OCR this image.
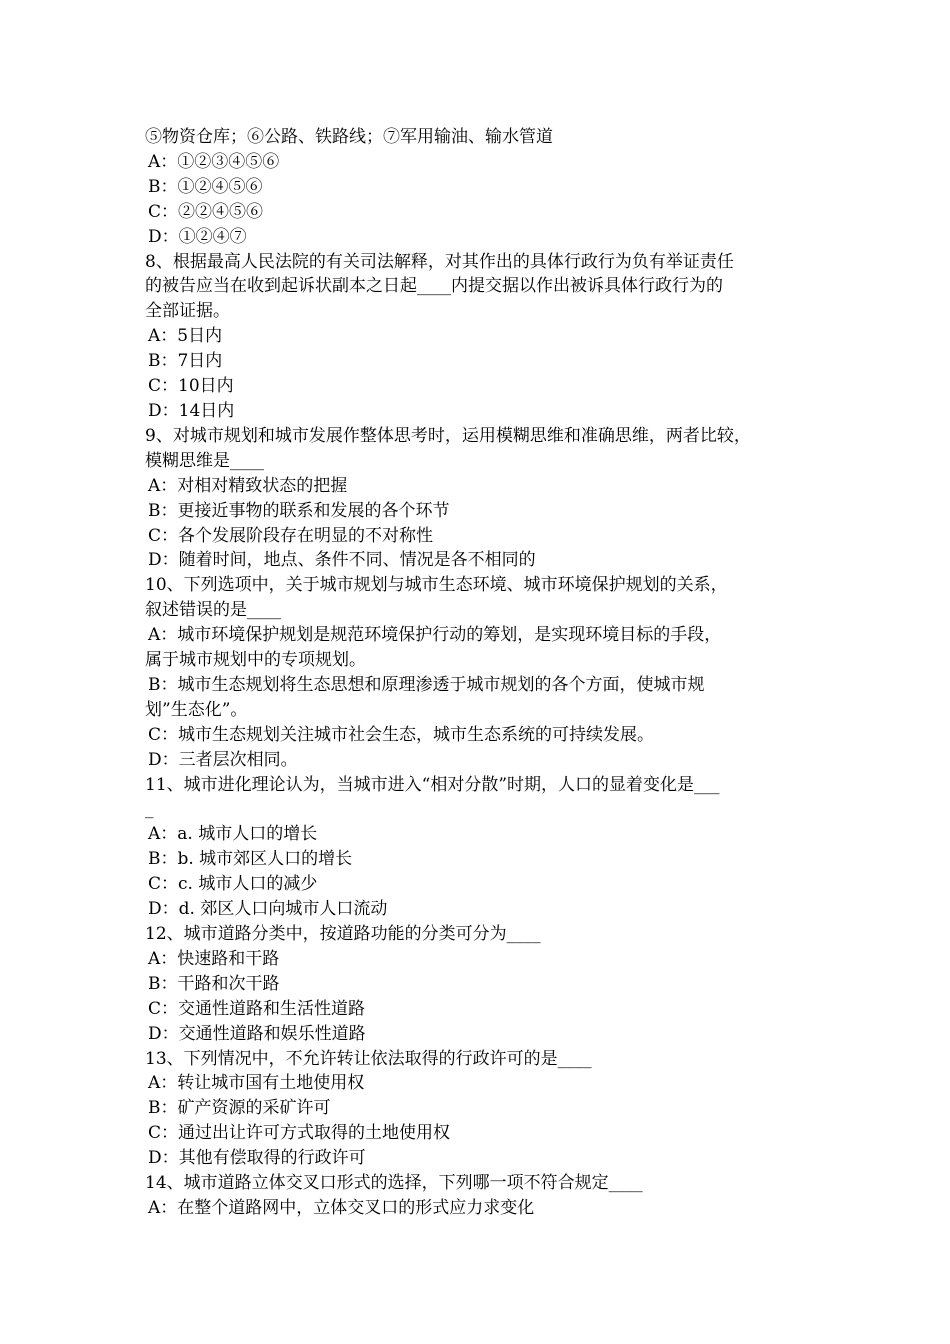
⑤物资仓库；⑥公路、铁路线；⑦军用输油、输水管道
A：①②③④⑤⑥
B：①②④⑤⑥
C：②②④⑤⑥
D：①②④⑦
8、根据最高人民法院的有关司法解释，对其作出的具体行政行为负有举证责任
的被告应当在收到起诉状副本之日起____内提交据以作出被诉具体行政行为的
全部证据。
A：5日内
B：7日内
C：10日内
D：14日内
9、对城市规划和城市发展作整体思考时，运用模糊思维和准确思维，两者比较，
模糊思维是____
A：对相对精致状态的把握
B：更接近事物的联系和发展的各个环节
C：各个发展阶段存在明显的不对称性
D：随着时间，地点、条件不同、情况是各不相同的
10、下列选项中，关于城市规划与城市生态环境、城市环境保护规划的关系，
叙述错误的是____
A：城市环境保护规划是规范环境保护行动的筹划，是实现环境目标的手段，
属于城市规划中的专项规划。
B：城市生态规划将生态思想和原理渗透于城市规划的各个方面，使城市规
划”生态化”。
C：城市生态规划关注城市社会生态，城市生态系统的可持续发展。
D：三者层次相同。
11、城市进化理论认为，当城市进入“相对分散”时期，人口的显着变化是___
_
A：a. 城市人口的增长
B：b. 城市郊区人口的增长
C：c. 城市人口的减少
D：d. 郊区人口向城市人口流动
12、城市道路分类中，按道路功能的分类可分为____
A：快速路和干路
B：干路和次干路
C：交通性道路和生活性道路
D：交通性道路和娱乐性道路
13、下列情况中，不允许转让依法取得的行政许可的是____
A：转让城市国有土地使用权
B：矿产资源的采矿许可
C：通过出让许可方式取得的土地使用权
D：其他有偿取得的行政许可
14、城市道路立体交叉口形式的选择，下列哪一项不符合规定____
A：在整个道路网中，立体交叉口的形式应力求变化
